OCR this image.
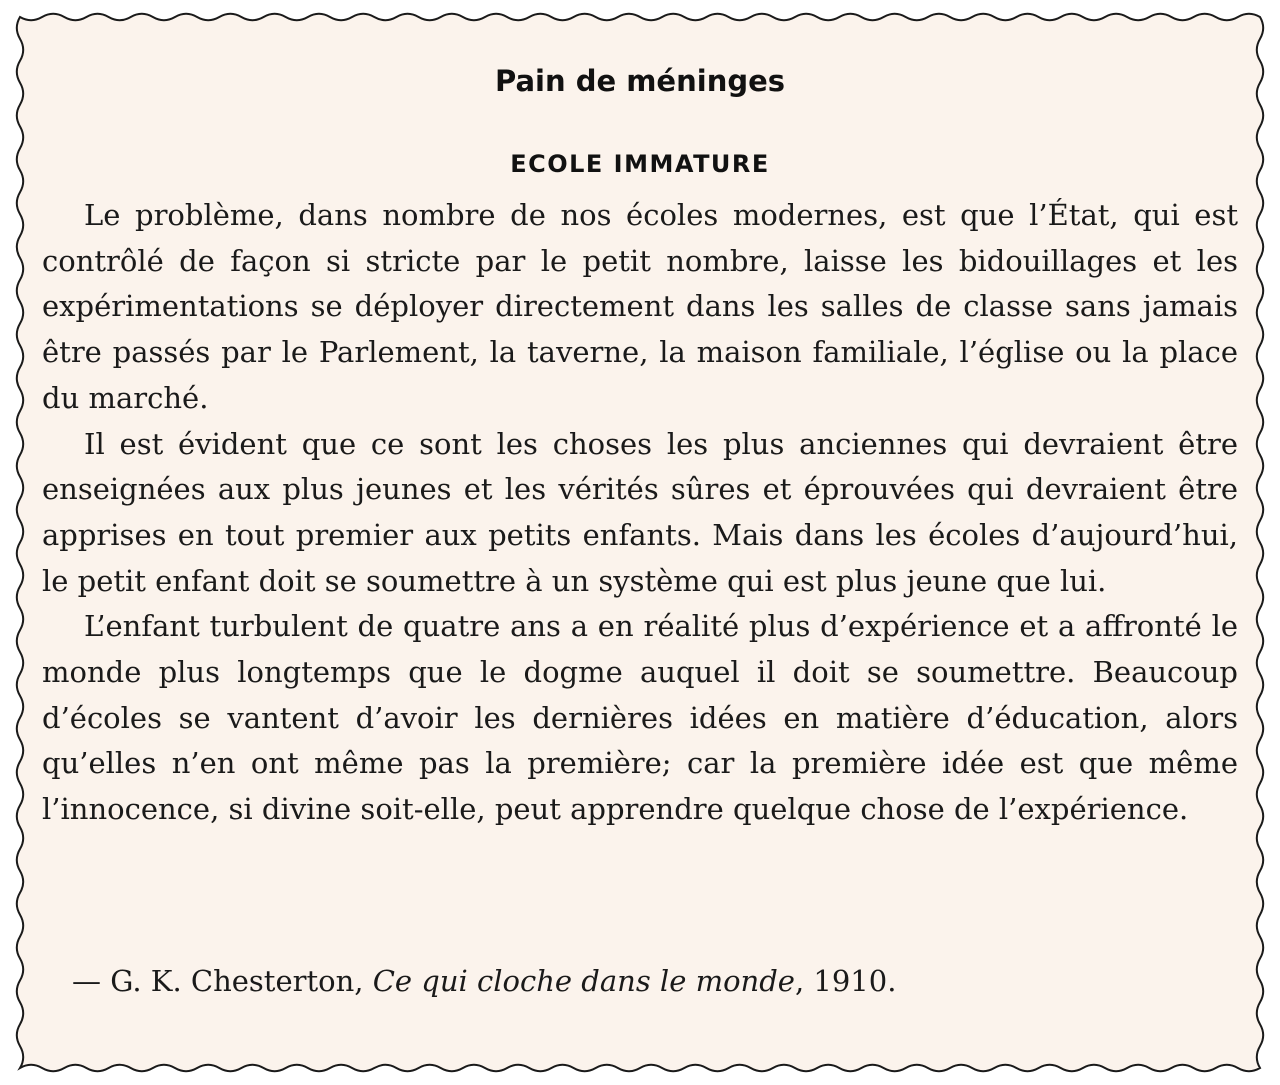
Pain de méninges
ECOLE IMMATURE

Le problème, dans nombre de nos écoles modernes, est que l’État, qui est contrôlé de façon si stricte par le petit nombre, laisse les bidouillages et les expérimentations se déployer directement dans les salles de classe sans jamais être passés par le Parlement, la taverne, la maison familiale, l’église ou la place du marché.

Il est évident que ce sont les choses les plus anciennes qui devraient être enseignées aux plus jeunes et les vérités sûres et éprouvées qui devraient être apprises en tout premier aux petits enfants. Mais dans les écoles d’aujourd’hui, le petit enfant doit se soumettre à un système qui est plus jeune que lui.

L’enfant turbulent de quatre ans a en réalité plus d’expérience et a affronté le monde plus longtemps que le dogme auquel il doit se soumettre. Beaucoup d’écoles se vantent d’avoir les dernières idées en matière d’éducation, alors qu’elles n’en ont même pas la première; car la première idée est que même l’innocence, si divine soit-elle, peut apprendre quelque chose de l’expérience.

— G. K. Chesterton, Ce qui cloche dans le monde, 1910.
